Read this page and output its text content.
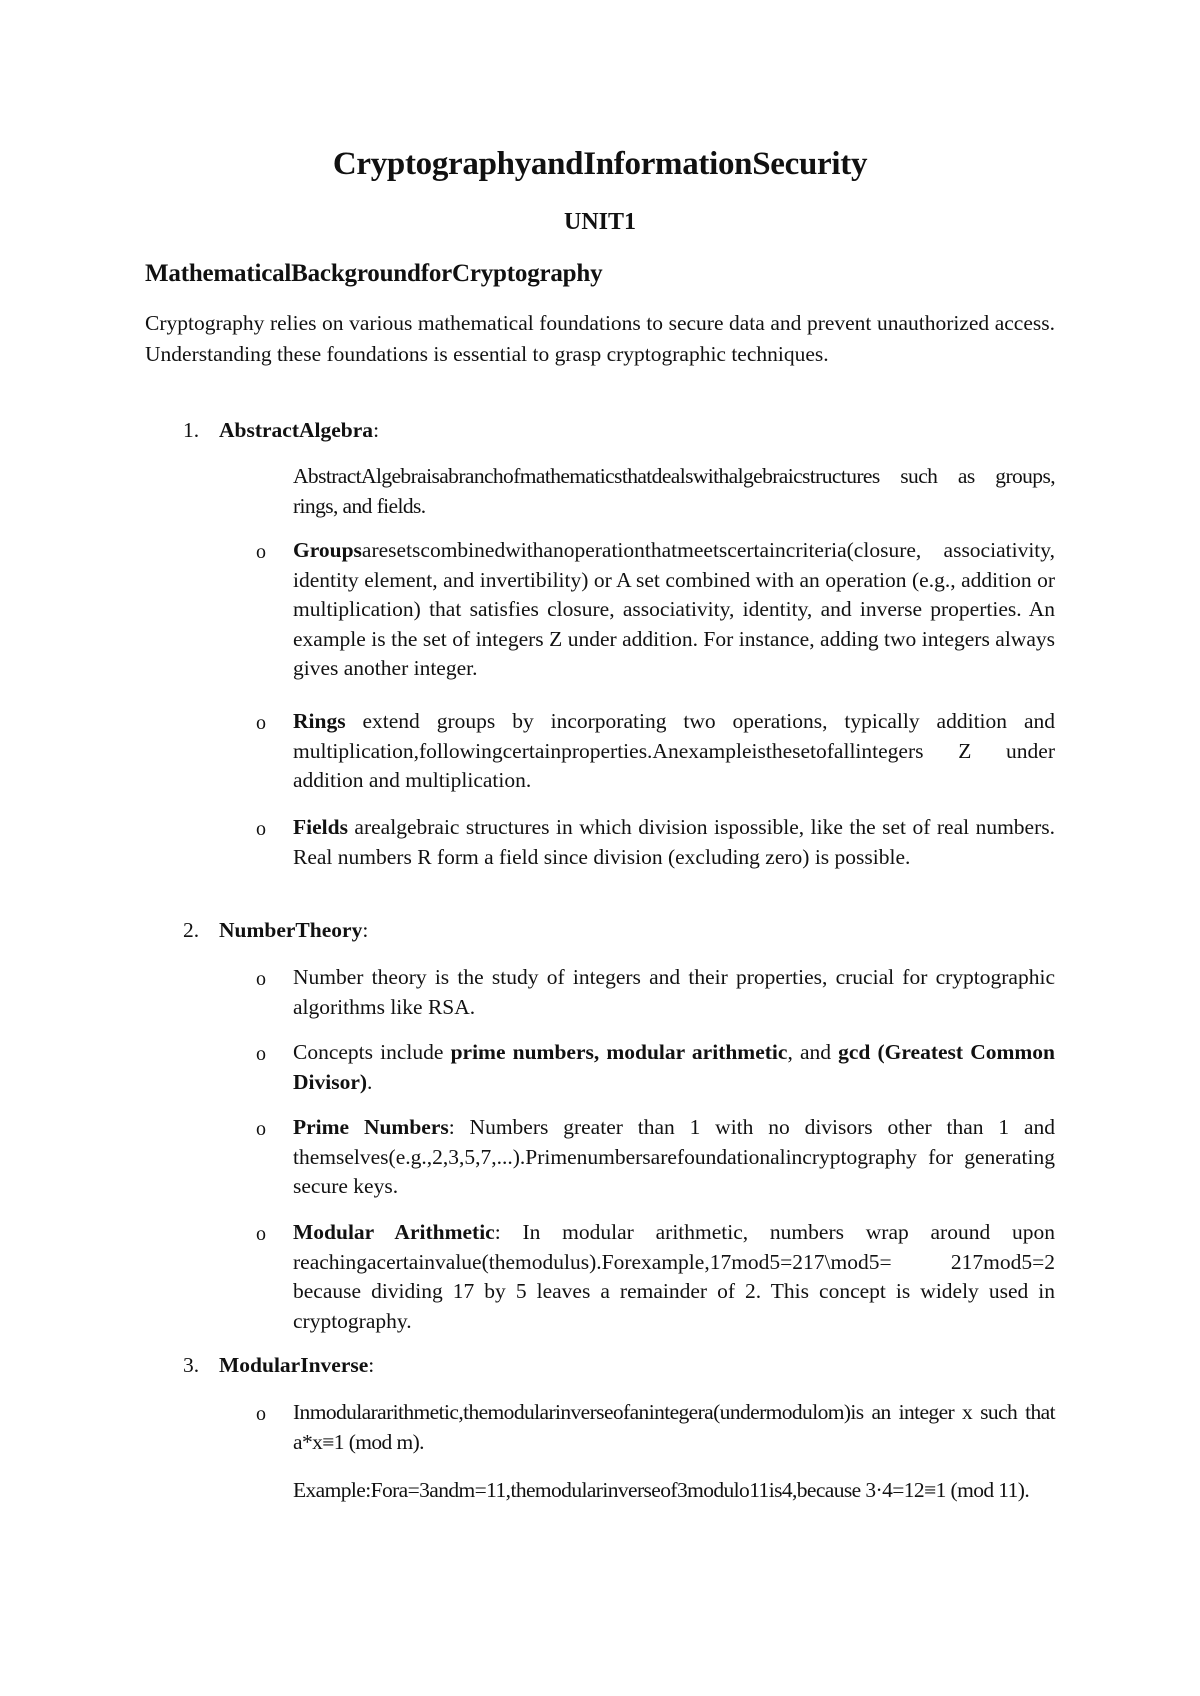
CryptographyandInformationSecurity
UNIT1
MathematicalBackgroundforCryptography

Cryptography relies on various mathematical foundations to secure data and prevent unauthorized access. Understanding these foundations is essential to grasp cryptographic techniques.

1. AbstractAlgebra:

AbstractAlgebraisabranchofmathematicsthatdealswithalgebraicstructures such as groups, rings, and fields.

o Groupsaresetscombinedwithanoperationthatmeetscertaincriteria(closure, associativity, identity element, and invertibility) or A set combined with an operation (e.g., addition or multiplication) that satisfies closure, associativity, identity, and inverse properties. An example is the set of integers Z under addition. For instance, adding two integers always gives another integer.

o Rings extend groups by incorporating two operations, typically addition and multiplication,followingcertainproperties.Anexampleisthesetofallintegers Z under addition and multiplication.

o Fields arealgebraic structures in which division ispossible, like the set of real numbers. Real numbers R form a field since division (excluding zero) is possible.

2. NumberTheory:
o Number theory is the study of integers and their properties, crucial for cryptographic algorithms like RSA.

o Concepts include prime numbers, modular arithmetic, and gcd (Greatest Common Divisor).

o Prime Numbers: Numbers greater than 1 with no divisors other than 1 and themselves(e.g.,2,3,5,7,...).Primenumbersarefoundationalincryptography for generating secure keys.

o Modular Arithmetic: In modular arithmetic, numbers wrap around upon reachingacertainvalue(themodulus).Forexample,17mod5=217\mod5= 217mod5=2 because dividing 17 by 5 leaves a remainder of 2. This concept is widely used in cryptography.

3. ModularInverse:
o Inmodulararithmetic,themodularinverseofanintegera(undermodulom)is an integer x such that a*x≡1 (mod m).

Example:Fora=3andm=11,themodularinverseof3modulo11is4,because 3·4=12≡1 (mod 11).
